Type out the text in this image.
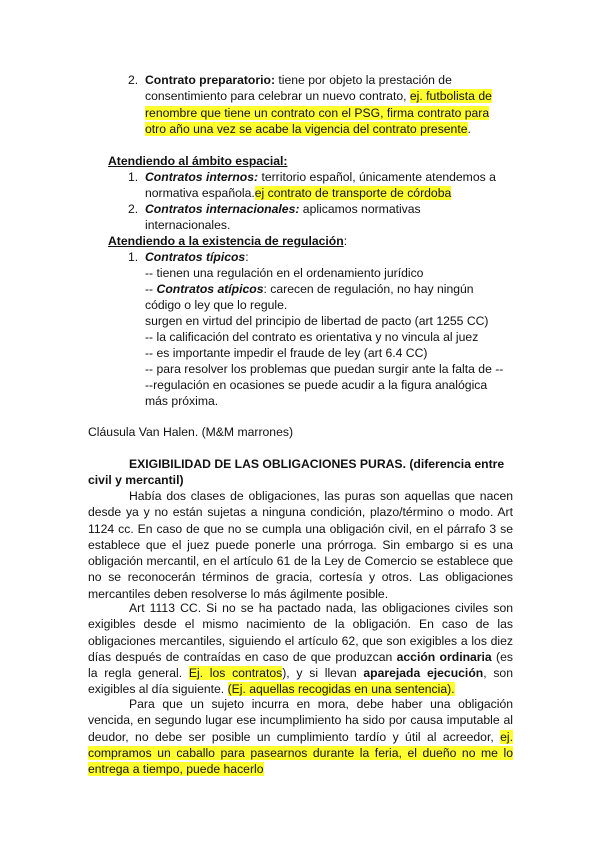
2. Contrato preparatorio: tiene por objeto la prestación de consentimiento para celebrar un nuevo contrato, ej. futbolista de renombre que tiene un contrato con el PSG, firma contrato para otro año una vez se acabe la vigencia del contrato presente.
Atendiendo al ámbito espacial:
1. Contratos internos: territorio español, únicamente atendemos a normativa española.ej contrato de transporte de córdoba
2. Contratos internacionales: aplicamos normativas internacionales.
Atendiendo a la existencia de regulación:
1. Contratos típicos:
-- tienen una regulación en el ordenamiento jurídico
-- Contratos atípicos: carecen de regulación, no hay ningún código o ley que lo regule.
surgen en virtud del principio de libertad de pacto (art 1255 CC)
-- la calificación del contrato es orientativa y no vincula al juez
-- es importante impedir el fraude de ley (art 6.4 CC)
-- para resolver los problemas que puedan surgir ante la falta de --
--regulación en ocasiones se puede acudir a la figura analógica más próxima.
Cláusula Van Halen. (M&M marrones)
EXIGIBILIDAD DE LAS OBLIGACIONES PURAS. (diferencia entre civil y mercantil)
Había dos clases de obligaciones, las puras son aquellas que nacen desde ya y no están sujetas a ninguna condición, plazo/término o modo. Art 1124 cc. En caso de que no se cumpla una obligación civil, en el párrafo 3 se establece que el juez puede ponerle una prórroga. Sin embargo si es una obligación mercantil, en el artículo 61 de la Ley de Comercio se establece que no se reconocerán términos de gracia, cortesía y otros. Las obligaciones mercantiles deben resolverse lo más ágilmente posible.
Art 1113 CC. Si no se ha pactado nada, las obligaciones civiles son exigibles desde el mismo nacimiento de la obligación. En caso de las obligaciones mercantiles, siguiendo el artículo 62, que son exigibles a los diez días después de contraídas en caso de que produzcan acción ordinaria (es la regla general. Ej. los contratos), y si llevan aparejada ejecución, son exigibles al día siguiente. (Ej. aquellas recogidas en una sentencia).
Para que un sujeto incurra en mora, debe haber una obligación vencida, en segundo lugar ese incumplimiento ha sido por causa imputable al deudor, no debe ser posible un cumplimiento tardío y útil al acreedor, ej. compramos un caballo para pasearnos durante la feria, el dueño no me lo entrega a tiempo, puede hacerlo
